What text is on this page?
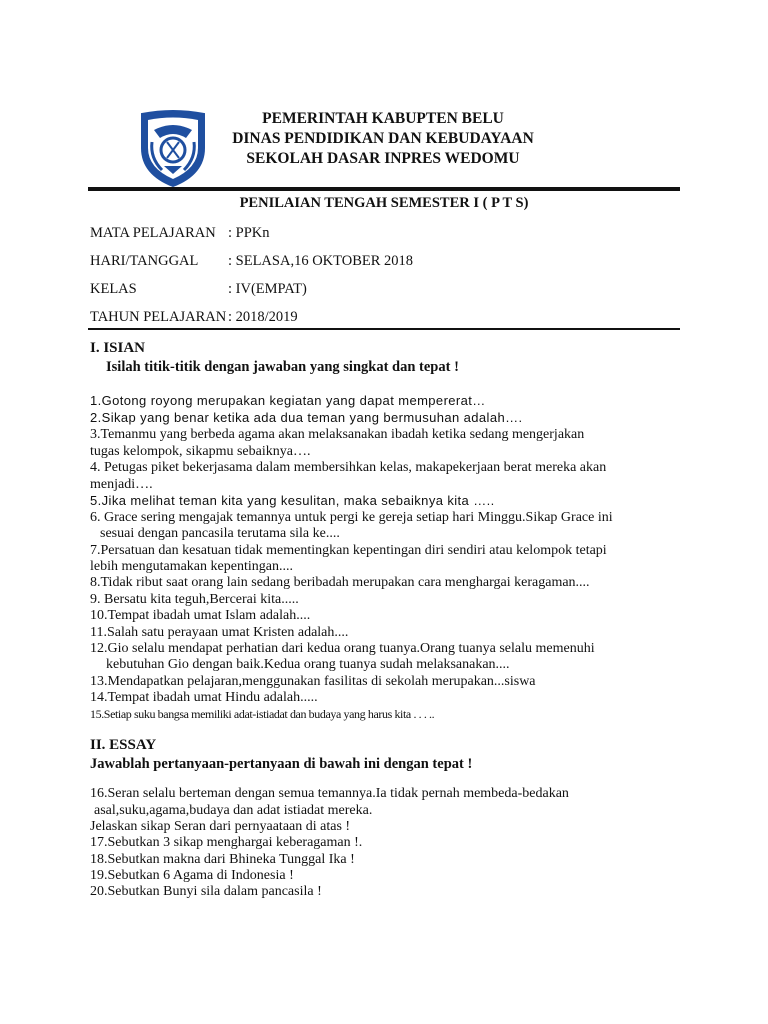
PEMERINTAH KABUPTEN BELU
DINAS PENDIDIKAN DAN KEBUDAYAAN
SEKOLAH DASAR INPRES WEDOMU
PENILAIAN TENGAH SEMESTER I ( P T S)
MATA PELAJARAN : PPKn
HARI/TANGGAL : SELASA,16 OKTOBER 2018
KELAS	: IV(EMPAT)
TAHUN PELAJARAN : 2018/2019
I. ISIAN
Isilah titik-titik dengan jawaban yang singkat dan tepat !
1.Gotong royong merupakan kegiatan yang dapat mempererat…
2.Sikap yang benar ketika ada dua teman yang bermusuhan adalah….
3.Temanmu yang berbeda agama akan melaksanakan ibadah ketika sedang mengerjakan
tugas kelompok, sikapmu sebaiknya….
4. Petugas piket bekerjasama dalam membersihkan kelas, makapekerjaan berat mereka akan
menjadi….
5.Jika melihat teman kita yang kesulitan, maka sebaiknya kita …..
6. Grace sering mengajak temannya untuk pergi ke gereja setiap hari Minggu.Sikap Grace ini
sesuai dengan pancasila terutama sila ke....
7.Persatuan dan kesatuan tidak mementingkan kepentingan diri sendiri atau kelompok tetapi
lebih mengutamakan kepentingan....
8.Tidak ribut saat orang lain sedang beribadah merupakan cara menghargai keragaman....
9. Bersatu kita teguh,Bercerai kita.....
10.Tempat ibadah umat Islam adalah....
11.Salah satu perayaan umat Kristen adalah....
12.Gio selalu mendapat perhatian dari kedua orang tuanya.Orang tuanya selalu memenuhi
kebutuhan Gio dengan baik.Kedua orang tuanya sudah melaksanakan....
13.Mendapatkan pelajaran,menggunakan fasilitas di sekolah merupakan...siswa
14.Tempat ibadah umat Hindu adalah.....
15.Setiap suku bangsa memiliki adat-istiadat dan budaya yang harus kita . . . ..
II. ESSAY
Jawablah pertanyaan-pertanyaan di bawah ini dengan tepat !
16.Seran selalu berteman dengan semua temannya.Ia tidak pernah membeda-bedakan
asal,suku,agama,budaya dan adat istiadat mereka.
Jelaskan sikap Seran dari pernyaataan di atas !
17.Sebutkan 3 sikap menghargai keberagaman !.
18.Sebutkan makna dari Bhineka Tunggal Ika !
19.Sebutkan 6 Agama di Indonesia !
20.Sebutkan Bunyi sila dalam pancasila !
